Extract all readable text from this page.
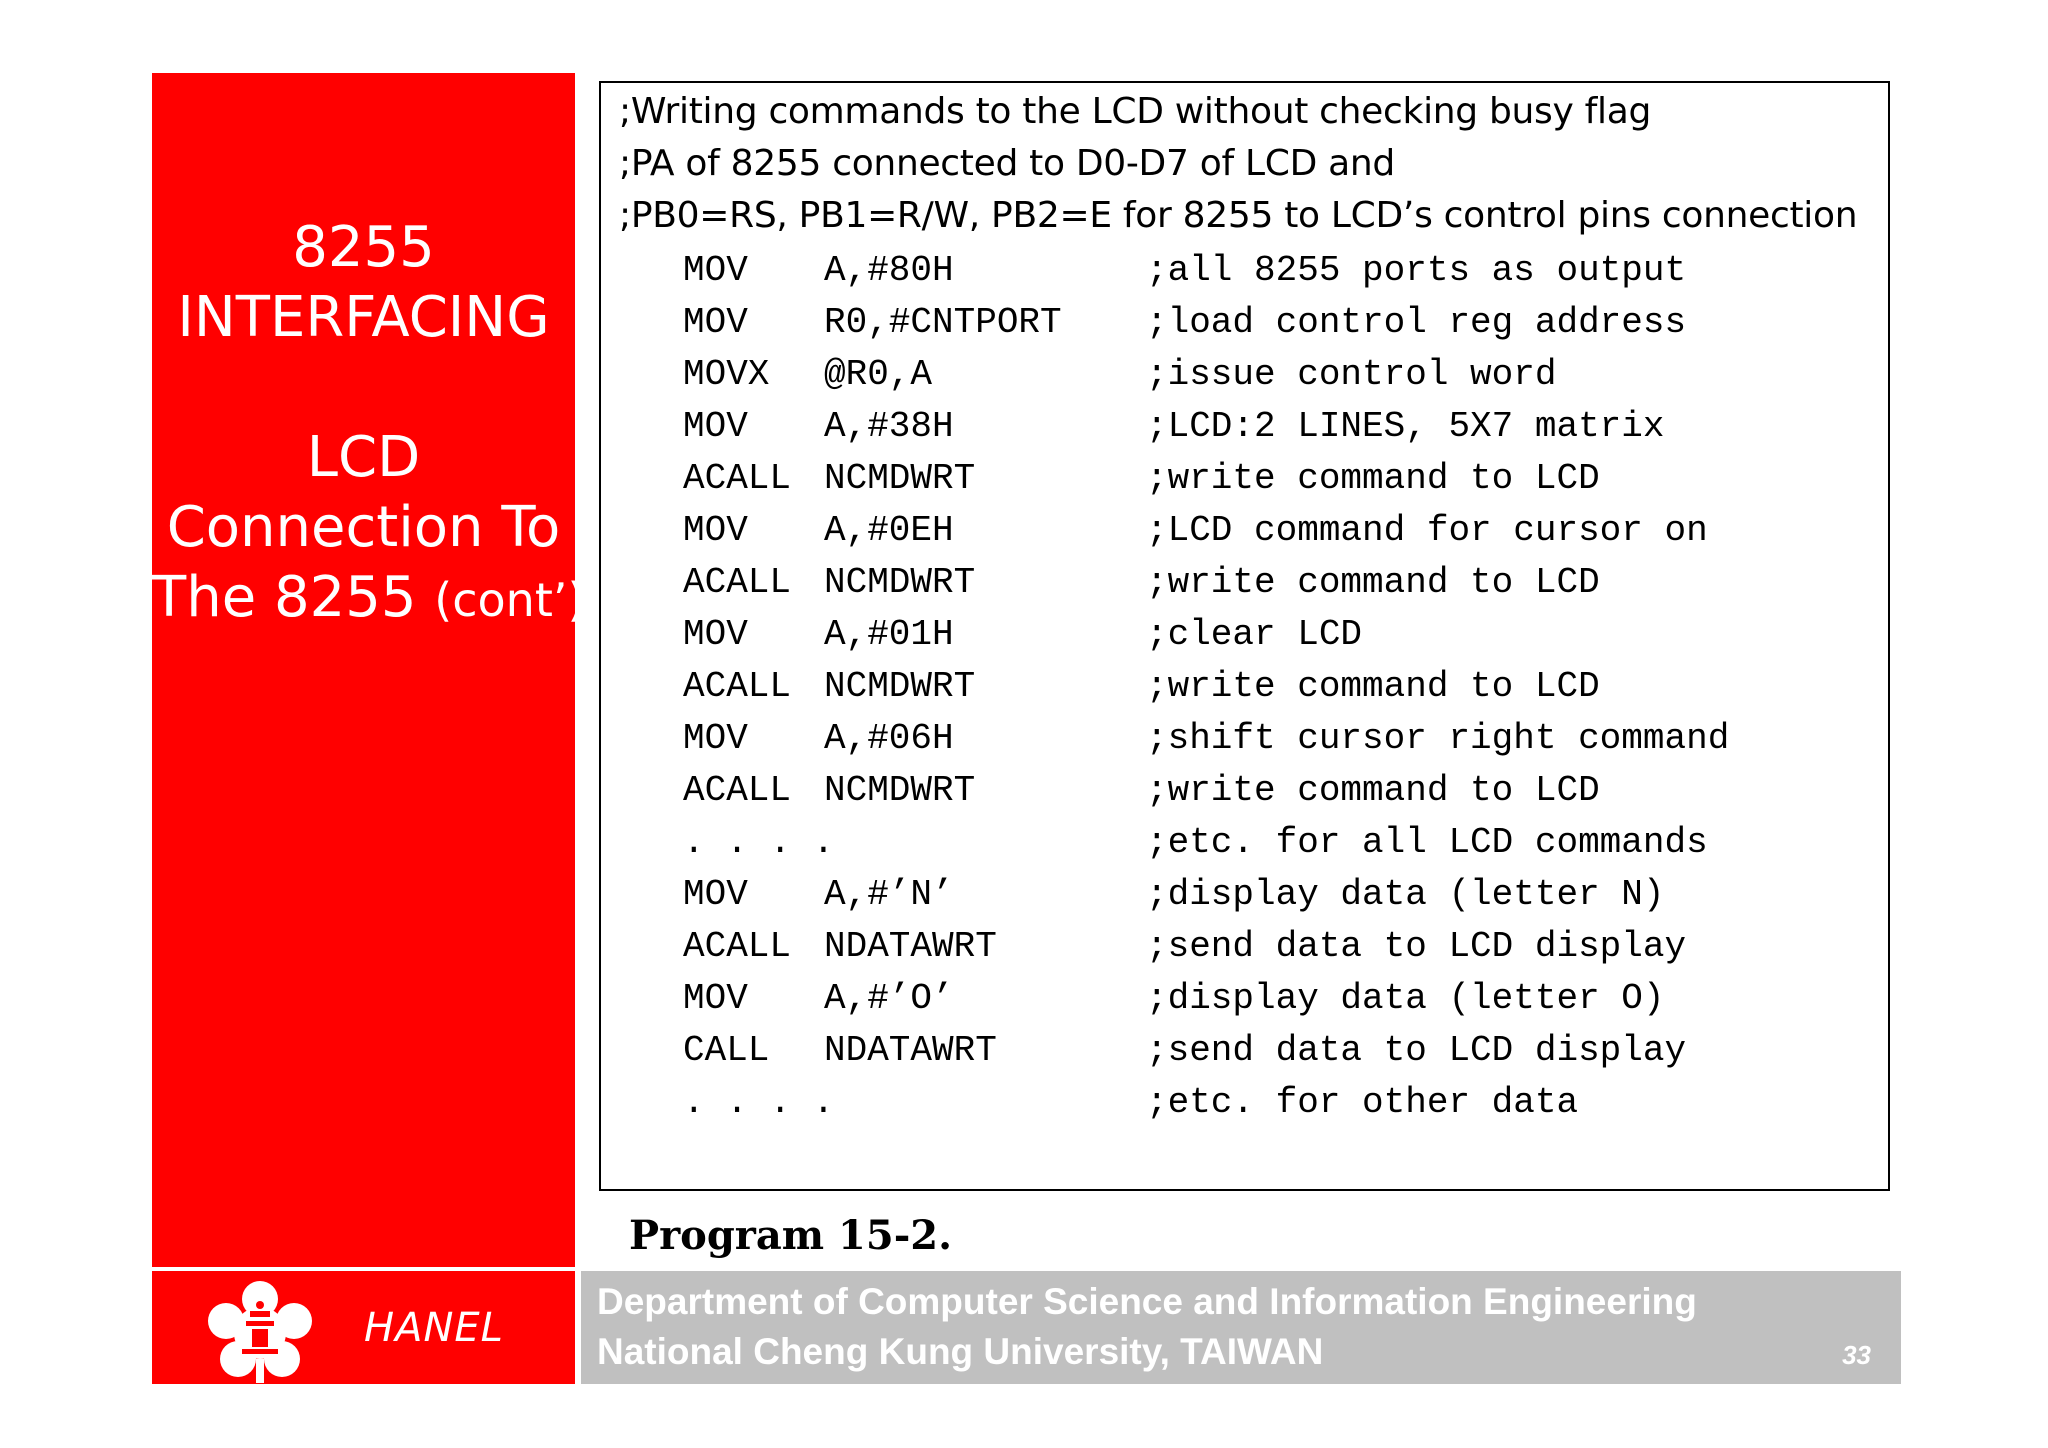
8255
INTERFACING
LCD
Connection To
The 8255 (cont’)
HANEL
;Writing commands to the LCD without checking busy flag
;PA of 8255 connected to D0-D7 of LCD and
;PB0=RS, PB1=R/W, PB2=E for 8255 to LCD’s control pins connection
MOV A,#80H	;all 8255 ports as output
MOV R0,#CNTPORT ;load control reg address
MOVX @R0,A	;issue control word
MOV A,#38H	;LCD:2 LINES, 5X7 matrix
ACALL NCMDWRT	;write command to LCD
MOV A,#0EH	;LCD command for cursor on
ACALL NCMDWRT	;write command to LCD
MOV A,#01H	;clear LCD
ACALL NCMDWRT	;write command to LCD
MOV A,#06H	;shift cursor right command
ACALL NCMDWRT	;write command to LCD
. . . .	;etc. for all LCD commands
MOV A,#’N’	;display data (letter N)
ACALL NDATAWRT	;send data to LCD display
MOV A,#’O’	;display data (letter O)
CALL NDATAWRT	;send data to LCD display
. . . .	;etc. for other data
Program 15-2.
Department of Computer Science and Information Engineering
National Cheng Kung University, TAIWAN	33
